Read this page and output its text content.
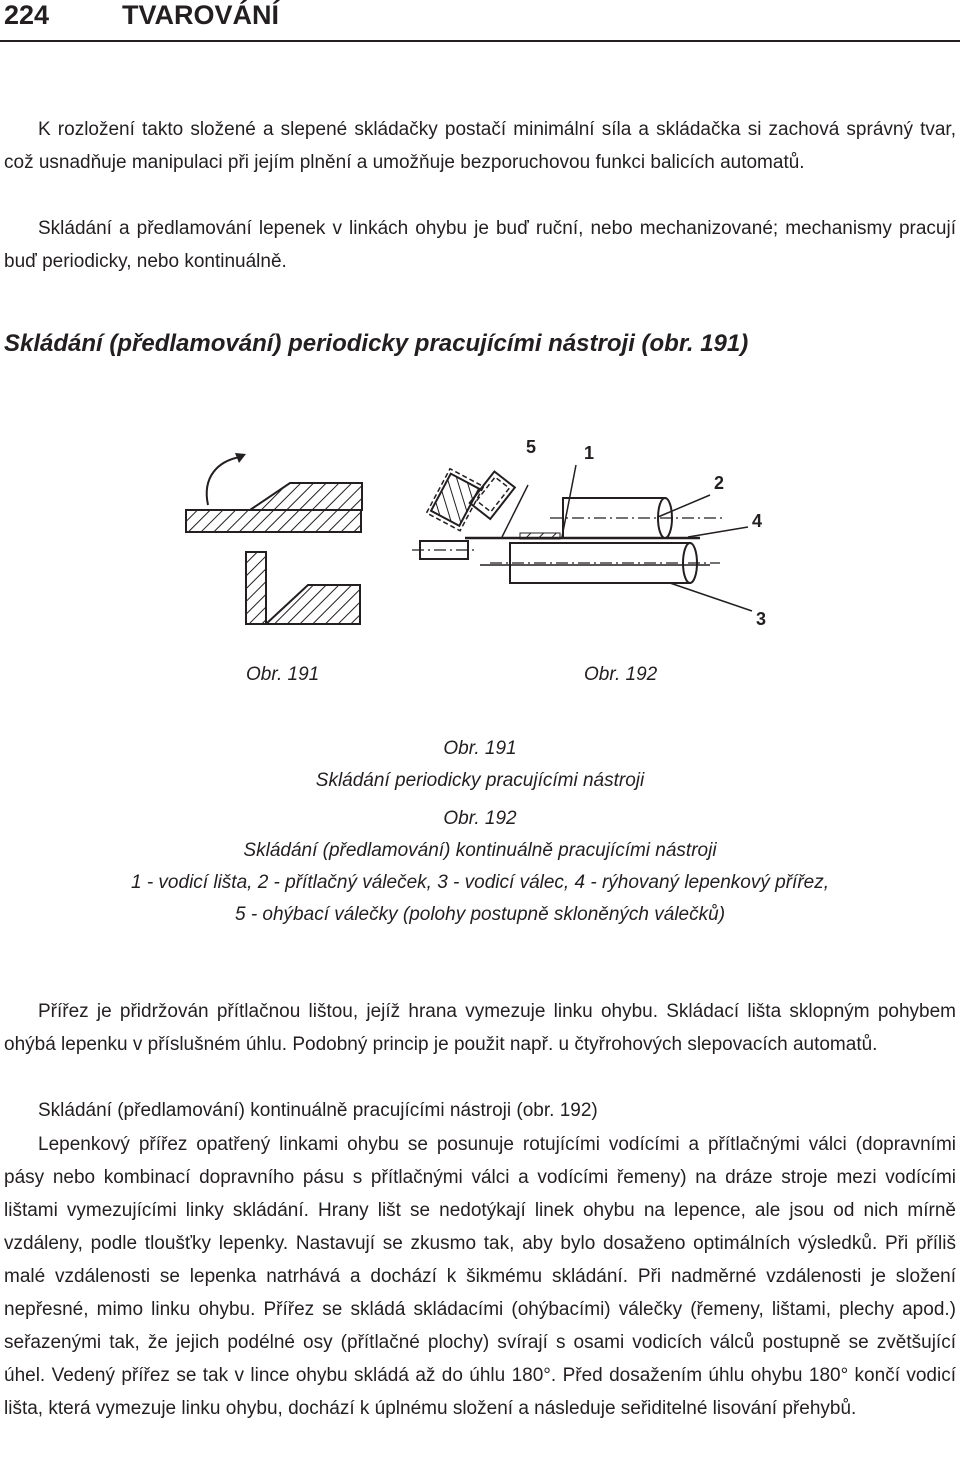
224	TVAROVÁNÍ

K rozložení takto složené a slepené skládačky postačí minimální síla a skládačka si zachová správný tvar, což usnadňuje manipulaci při jejím plnění a umožňuje bezporuchovou funkci balicích automatů.

Skládání a předlamování lepenek v linkách ohybu je buď ruční, nebo mechanizované; mechanismy pracují buď periodicky, nebo kontinuálně.

Skládání (předlamování) periodicky pracujícími nástroji (obr. 191)
5	1
2
4
3
Obr. 191	Obr. 192
Obr. 191
Skládání periodicky pracujícími nástroji
Obr. 192
Skládání (předlamování) kontinuálně pracujícími nástroji
1 - vodicí lišta, 2 - přítlačný váleček, 3 - vodicí válec, 4 - rýhovaný lepenkový přířez,
5 - ohýbací válečky (polohy postupně skloněných válečků)

Přířez je přidržován přítlačnou lištou, jejíž hrana vymezuje linku ohybu. Skládací lišta sklopným pohybem ohýbá lepenku v příslušném úhlu. Podobný princip je použit např. u čtyřrohových slepovacích automatů.

Skládání (předlamování) kontinuálně pracujícími nástroji (obr. 192)

Lepenkový přířez opatřený linkami ohybu se posunuje rotujícími vodícími a přítlačnými válci (dopravními pásy nebo kombinací dopravního pásu s přítlačnými válci a vodícími řemeny) na dráze stroje mezi vodícími lištami vymezujícími linky skládání. Hrany lišt se nedotýkají linek ohybu na lepence, ale jsou od nich mírně vzdáleny, podle tloušťky lepenky. Nastavují se zkusmo tak, aby bylo dosaženo optimálních výsledků. Při příliš malé vzdálenosti se lepenka natrhává a dochází k šikmému skládání. Při nadměrné vzdálenosti je složení nepřesné, mimo linku ohybu. Přířez se skládá skládacími (ohýbacími) válečky (řemeny, lištami, plechy apod.) seřazenými tak, že jejich podélné osy (přítlačné plochy) svírají s osami vodicích válců postupně se zvětšující úhel. Vedený přířez se tak v lince ohybu skládá až do úhlu 180°. Před dosažením úhlu ohybu 180° končí vodicí lišta, která vymezuje linku ohybu, dochází k úplnému složení a následuje seřiditelné lisování přehybů.
